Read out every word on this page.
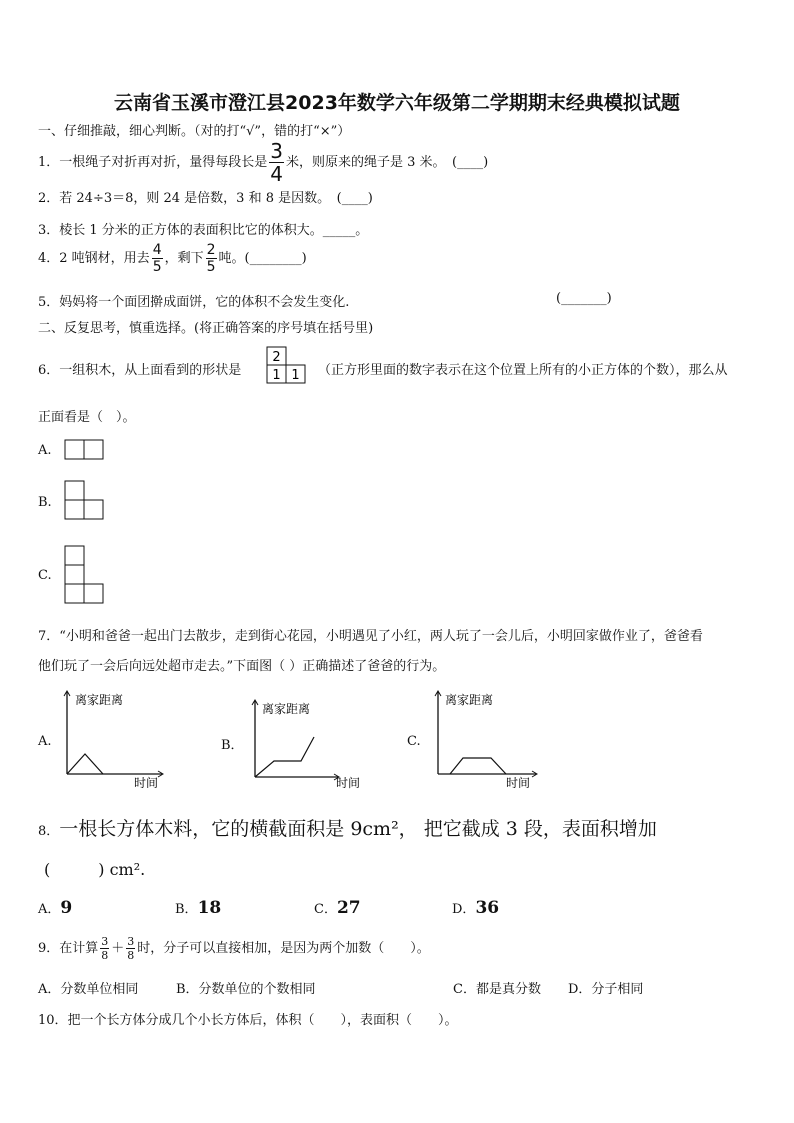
云南省玉溪市澄江县2023年数学六年级第二学期期末经典模拟试题
一、仔细推敲，细心判断。（对的打“√”，错的打“×”）
1．一根绳子对折再对折，量得每段长是 $\frac{3}{4}$ 米，则原来的绳子是 3 米。　(____)
2．若 24÷3＝8，则 24 是倍数，3 和 8 是因数。　(____)
3．棱长 1 分米的正方体的表面积比它的体积大。_____。
4．2 吨钢材，用去 $\frac{4}{5}$ ，剩下 $\frac{2}{5}$ 吨。(________)
5．妈妈将一个面团擀成面饼，它的体积不会发生变化.	(_______)
二、反复思考，慎重选择。(将正确答案的序号填在括号里)
6．一组积木，从上面看到的形状是
2
1 1 （正方形里面的数字表示在这个位置上所有的小正方体的个数），那么从
正面看是（　）。
A.
B.
C.
7．“小明和爸爸一起出门去散步，走到街心花园，小明遇见了小红，两人玩了一会儿后，小明回家做作业了，爸爸看
他们玩了一会后向远处超市走去。”下面图（ ）正确描述了爸爸的行为。
A.
离家距离
时间
B．
离家距离
时间
C.
离家距离
时间
8．一根长方体木料，它的横截面积是 9cm²， 把它截成 3 段，表面积增加
(　　　) cm².
A．9	B．18	C．27	D．36
9．在计算 $\frac{3}{8} + \frac{3}{8}$ 时，分子可以直接相加，是因为两个加数（　　）。
A．分数单位相同	B．分数单位的个数相同	C．都是真分数 D．分子相同
10．把一个长方体分成几个小长方体后，体积（　　），表面积（　　）。
